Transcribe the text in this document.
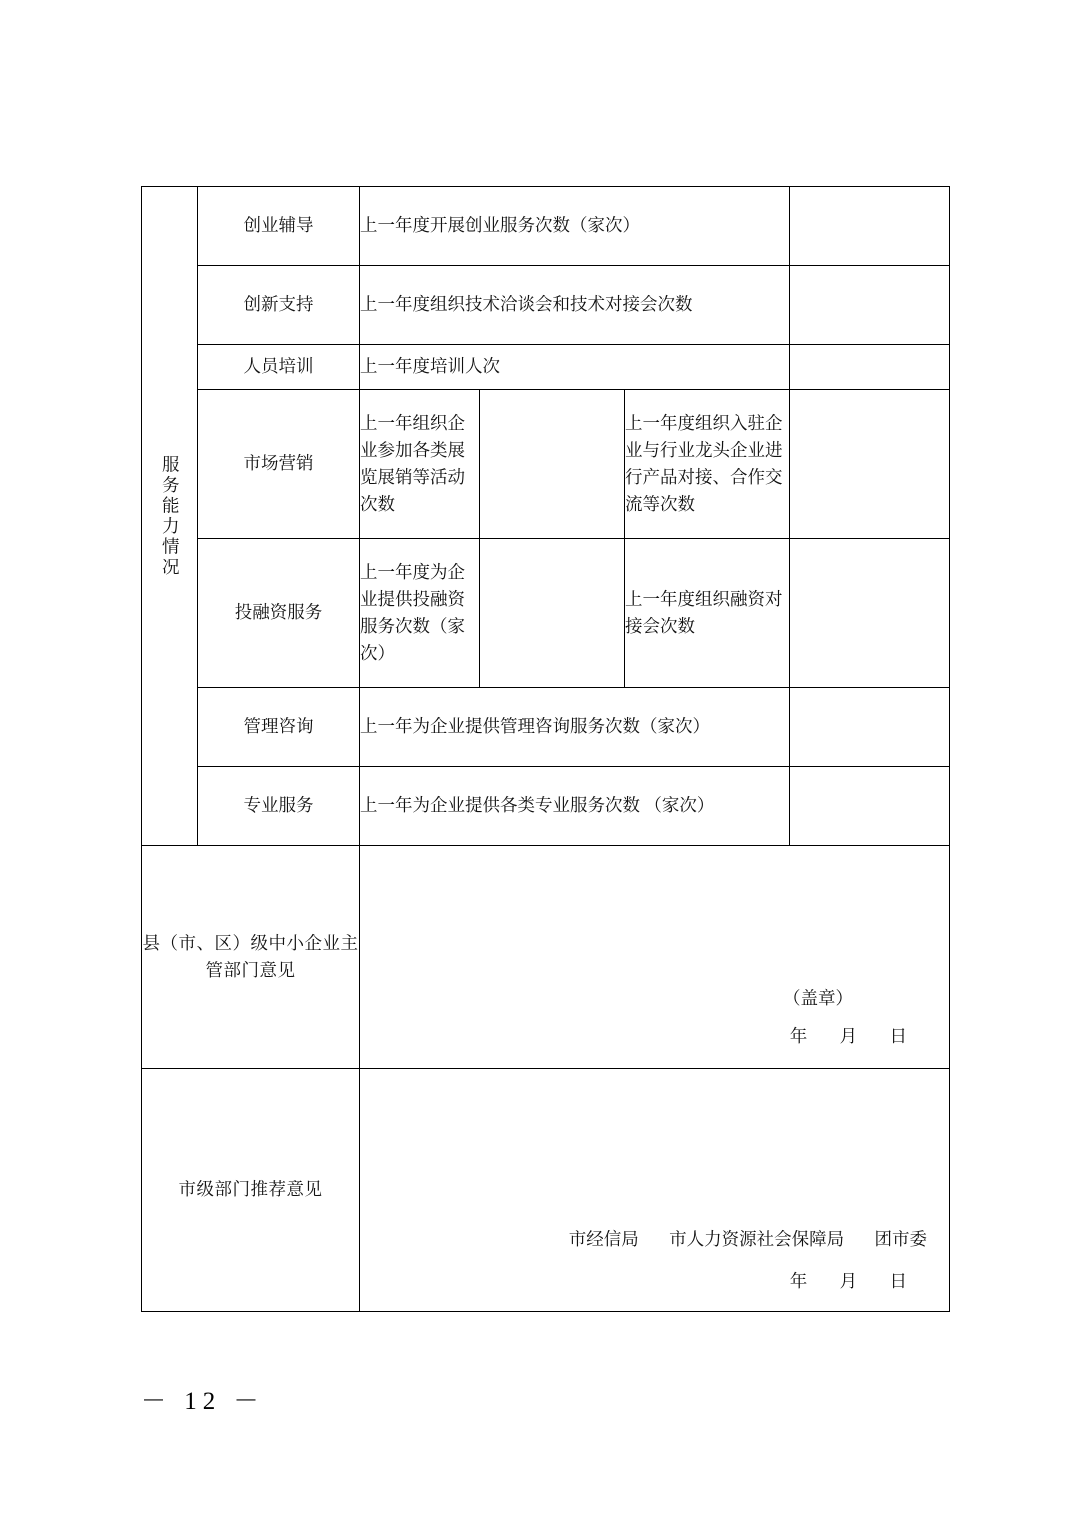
服务能力情况	创业辅导	上一年度开展创业服务次数（家次）			
	创新支持	上一年度组织技术洽谈会和技术对接会次数			
	人员培训	上一年度培训人次			
	市场营销	上一年组织企业参加各类展览展销等活动次数		上一年度组织入驻企业与行业龙头企业进行产品对接、合作交流等次数	
	投融资服务	上一年度为企业提供投融资服务次数（家次）		上一年度组织融资对接会次数	
	管理咨询	上一年为企业提供管理咨询服务次数（家次）			
	专业服务	上一年为企业提供各类专业服务次数 （家次）			
县（市、区）级中小企业主管部门意见		（盖章）
年 月 日			

市级部门推荐意见		市经信局 市人力资源社会保障局 团市委
年 月 日			
－ 12 －
